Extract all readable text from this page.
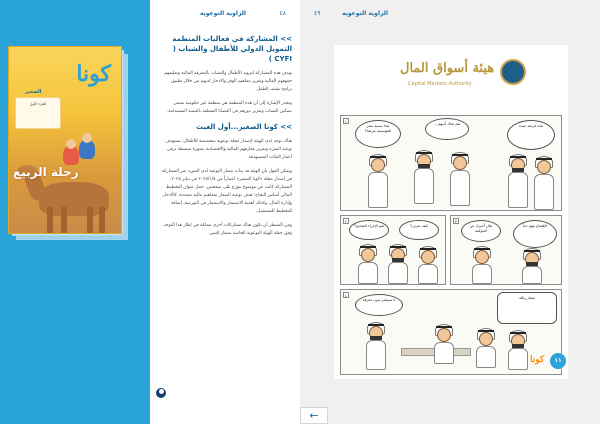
الزاوية التوعوية	٤٨
>> المشاركة في فعاليات المنظمة التمويل الدولي للأطفال والشباب ( CYFI )

تهدف هذه المشاركة لتزويد الأطفال والشباب بالمعرفة المالية وتعليمهم حقوقهم المالية وتعزيز مفاهيم الوفر والادخار لديهم من خلال تطبيق برامج تثقيف الطفل.

وتجدر الإشارة إلى أن هذه المنظمة هي منظمة غير حكومية تسعى بتمكين الشباب وتعزيز دورهم في القضايا المتعلقة بالتنمية المستدامة.

>> كونا الصغير...أول الغيث

هناك توجه لدى الهيئة لإصدار مجلة توعوية متخصصة للأطفال، تستهدف توعية النشء وتعزيز معارفهم المالية والاقتصادية بصورة مبسطة ترفي أعمار الفئات المستهدفة.

ويمكن القول بأن الهيئة قد بدأت مسار التوعية لدى النشء عبر المشاركة في إصدار مجلة «كونا الصغير» اعتباراً من ٢٠٢٥/١/٥ في يناير ٢٠٢٥، المشاركة كانت عن موضوع موزع على صفحتين، حمل عنوان التخطيط المالي أساس النجاح؛ هدف توعية الصغار بمفاهيم مالية متعددة، كالادخار وإدارة المال، وكذلك أهمية الاستثمار والاستثمار في البورصة، إضافة للتخطيط للمستقبل.

ومن المنتظر أن تكون هناك مشاركات أخرى مماثلة في إطار هذا التوجه وفق خطة الهيئة التوعوية الخاصة بصغار السن.

كونا
الصغير
الجزء الأول
رحلة الربيع
٤٩	الزاوية التوعوية
هيئة أسواق المال
Capital Markets Authority
١
ماذا بنسبة سعر المؤسسة عرضنا؟
نعم هناك أسهم ...	هذه فرصة جيدة
٢
شو الإجراء الصحيح؟	كيف نعرف؟
٣
تعال أخبرك عن الحوكمة
الإفصاح مهم جداً
٤
لا تستثمر بدون معرفة	ممتاز والله
كونا	١١
←
